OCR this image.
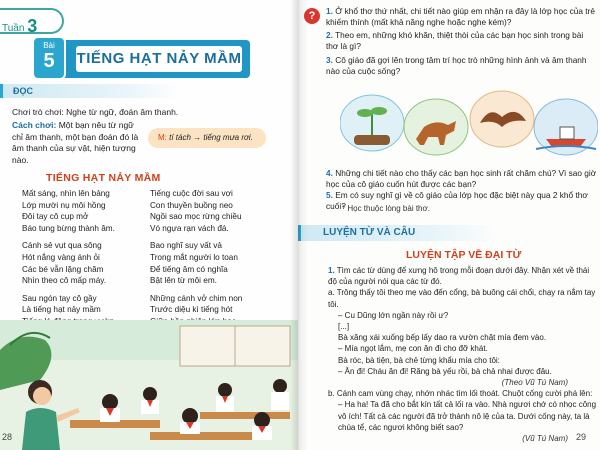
Tuần 3
Bài
5	TIẾNG HẠT NẢY MẦM
ĐỌC
Chơi trò chơi: Nghe từ ngữ, đoán âm thanh.
Cách chơi: Một bạn nêu từ ngữ chỉ âm thanh, một bạn đoán đó là âm thanh của sự vật, hiện tượng nào.
M: tí tách → tiếng mưa rơi.
TIẾNG HẠT NẢY MẦM
Mất sáng, nhìn lên bảng
Lớp mười nụ môi hồng
Đôi tay cô cụp mở
Báo tung bừng thành âm.
Cánh sẻ vụt qua sông
Hót nắng vàng ánh ỏi
Các bé vẫn lặng chăm
Nhìn theo cô mấp máy.
Sau ngón tay cô gầy
Là tiếng hạt nảy mầm
Tiếng cuộc đời sau vợi
Con thuyền buồng neo
Ngồi sao mọc rừng chiều
Vó ngựa rạn vách đá.
Bao nghĩ suy vất vả
Trong mắt người lo toan
Để tiếng âm có nghĩa
Bật lên từ môi em.
Những cánh vở chim non
Trước diệu kì tiếng hót
28
?	1. Ở khổ thơ thứ nhất, chi tiết nào giúp em nhận ra đây là lớp học của trẻ khiếm thính (mất khả năng nghe hoặc nghe kém)?
2. Theo em, những khó khăn, thiệt thòi của các bạn học sinh trong bài thơ là gì?
3. Cô giáo đã gợi lên trong tâm trí học trò những hình ảnh và âm thanh nào của cuộc sống?
4. Những chi tiết nào cho thấy các bạn học sinh rất chăm chú? Vì sao giờ học của cô giáo cuốn hút được các bạn?
5. Em có suy nghĩ gì về cô giáo của lớp học đặc biệt này qua 2 khổ thơ cuối?
* Học thuộc lòng bài thơ.
LUYỆN TỪ VÀ CÂU
LUYỆN TẬP VỀ ĐẠI TỪ
1. Tìm các từ dùng để xưng hô trong mỗi đoạn dưới đây. Nhận xét về thái độ của người nói qua các từ đó.
a. Trông thấy tôi theo mẹ vào đến cổng, bà buông cái chổi, chạy ra nắm tay tôi.
– Cu Dũng lớn ngần này rồi ư?
[...]
Bà xăng xái xuống bếp lấy dao ra vườn chặt mía đem vào.
– Mía ngọt lắm, mẹ con ăn đi cho đỡ khát.
Bà róc, bà tiện, bà chẻ từng khẩu mía cho tôi:
– Ăn đi! Cháu ăn đi! Răng bà yếu rồi, bà chả nhai được đâu.
(Theo Vũ Tú Nam)
b. Cánh cam vùng chạy, nhớn nhác tìm lối thoát. Chuột cống cười phá lên:
– Ha ha! Ta đã cho bắt kín tất cả lối ra vào. Nhà ngươi chớ có nhọc công vô ích! Tất cả các người đã trở thành nô lệ của ta. Dưới cống này, ta là chúa tể, các ngươi không biết sao?
(Vũ Tú Nam) 29
